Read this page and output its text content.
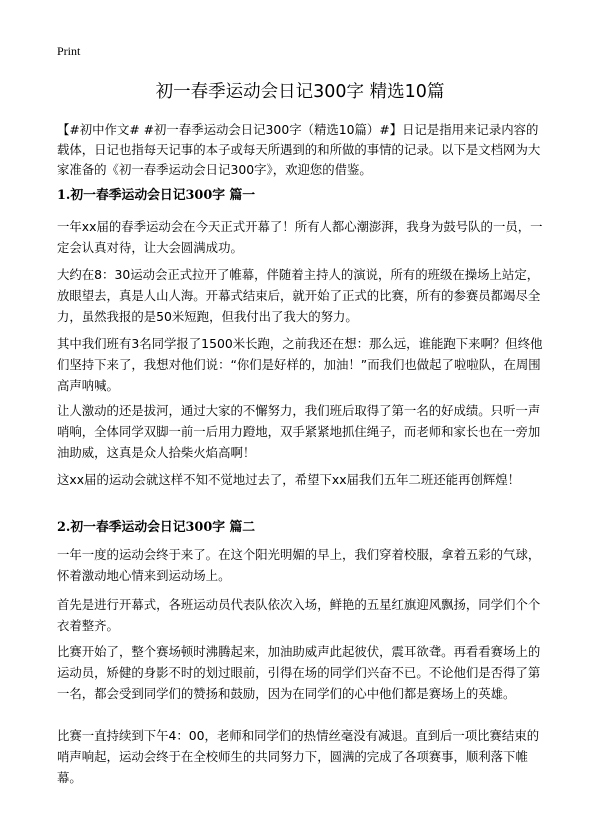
Print
初一春季运动会日记300字 精选10篇

【#初中作文# #初一春季运动会日记300字（精选10篇）#】日记是指用来记录内容的载体，日记也指每天记事的本子或每天所遇到的和所做的事情的记录。以下是文档网为大家准备的《初一春季运动会日记300字》，欢迎您的借鉴。

1.初一春季运动会日记300字 篇一

一年xx届的春季运动会在今天正式开幕了！所有人都心潮澎湃，我身为鼓号队的一员，一定会认真对待，让大会圆满成功。

大约在8：30运动会正式拉开了帷幕，伴随着主持人的演说，所有的班级在操场上站定，放眼望去，真是人山人海。开幕式结束后，就开始了正式的比赛，所有的参赛员都竭尽全力，虽然我报的是50米短跑，但我付出了我大的努力。

其中我们班有3名同学报了1500米长跑，之前我还在想：那么远，谁能跑下来啊？但终他们坚持下来了，我想对他们说：“你们是好样的，加油！”而我们也做起了啦啦队，在周围高声呐喊。

让人激动的还是拔河，通过大家的不懈努力，我们班后取得了第一名的好成绩。只听一声哨响，全体同学双脚一前一后用力蹬地，双手紧紧地抓住绳子，而老师和家长也在一旁加油助威，这真是众人拾柴火焰高啊！

这xx届的运动会就这样不知不觉地过去了，希望下xx届我们五年二班还能再创辉煌！

2.初一春季运动会日记300字 篇二

一年一度的运动会终于来了。在这个阳光明媚的早上，我们穿着校服，拿着五彩的气球，怀着激动地心情来到运动场上。

首先是进行开幕式，各班运动员代表队依次入场，鲜艳的五星红旗迎风飘扬，同学们个个衣着整齐。

比赛开始了，整个赛场顿时沸腾起来，加油助威声此起彼伏，震耳欲聋。再看看赛场上的运动员，矫健的身影不时的划过眼前，引得在场的同学们兴奋不已。不论他们是否得了第一名，都会受到同学们的赞扬和鼓励，因为在同学们的心中他们都是赛场上的英雄。

比赛一直持续到下午4：00，老师和同学们的热情丝毫没有减退。直到后一项比赛结束的哨声响起，运动会终于在全校师生的共同努力下，圆满的完成了各项赛事，顺利落下帷幕。
